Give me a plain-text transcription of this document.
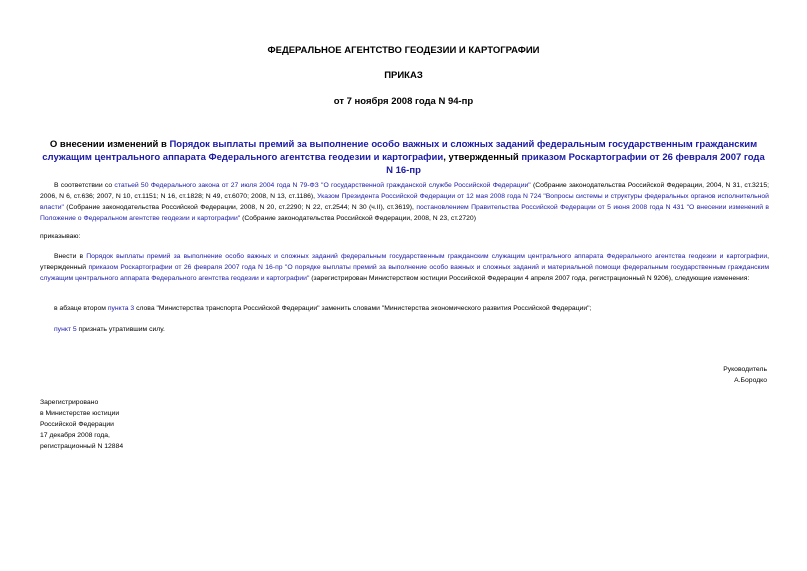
ФЕДЕРАЛЬНОЕ АГЕНТСТВО ГЕОДЕЗИИ И КАРТОГРАФИИ
ПРИКАЗ
от 7 ноября 2008 года N 94-пр
О внесении изменений в Порядок выплаты премий за выполнение особо важных и сложных заданий федеральным государственным гражданским служащим центрального аппарата Федерального агентства геодезии и картографии, утвержденный приказом Роскартографии от 26 февраля 2007 года N 16-пр
В соответствии со статьей 50 Федерального закона от 27 июля 2004 года N 79-ФЗ "О государственной гражданской службе Российской Федерации" (Собрание законодательства Российской Федерации, 2004, N 31, ст.3215; 2006, N 6, ст.636; 2007, N 10, ст.1151; N 16, ст.1828; N 49, ст.6070; 2008, N 13, ст.1186), Указом Президента Российской Федерации от 12 мая 2008 года N 724 "Вопросы системы и структуры федеральных органов исполнительной власти" (Собрание законодательства Российской Федерации, 2008, N 20, ст.2290; N 22, ст.2544; N 30 (ч.II), ст.3619), постановлением Правительства Российской Федерации от 5 июня 2008 года N 431 "О внесении изменений в Положение о Федеральном агентстве геодезии и картографии" (Собрание законодательства Российской Федерации, 2008, N 23, ст.2720)
приказываю:
Внести в Порядок выплаты премий за выполнение особо важных и сложных заданий федеральным государственным гражданским служащим центрального аппарата Федерального агентства геодезии и картографии, утвержденный приказом Роскартографии от 26 февраля 2007 года N 16-пр "О порядке выплаты премий за выполнение особо важных и сложных заданий и материальной помощи федеральным государственным гражданским служащим центрального аппарата Федерального агентства геодезии и картографии" (зарегистрирован Министерством юстиции Российской Федерации 4 апреля 2007 года, регистрационный N 9206), следующие изменения:
в абзаце втором пункта 3 слова "Министерства транспорта Российской Федерации" заменить словами "Министерства экономического развития Российской Федерации";
пункт 5 признать утратившим силу.
Руководитель
А.Бородко
Зарегистрировано
в Министерстве юстиции
Российской Федерации
17 декабря 2008 года,
регистрационный N 12884
